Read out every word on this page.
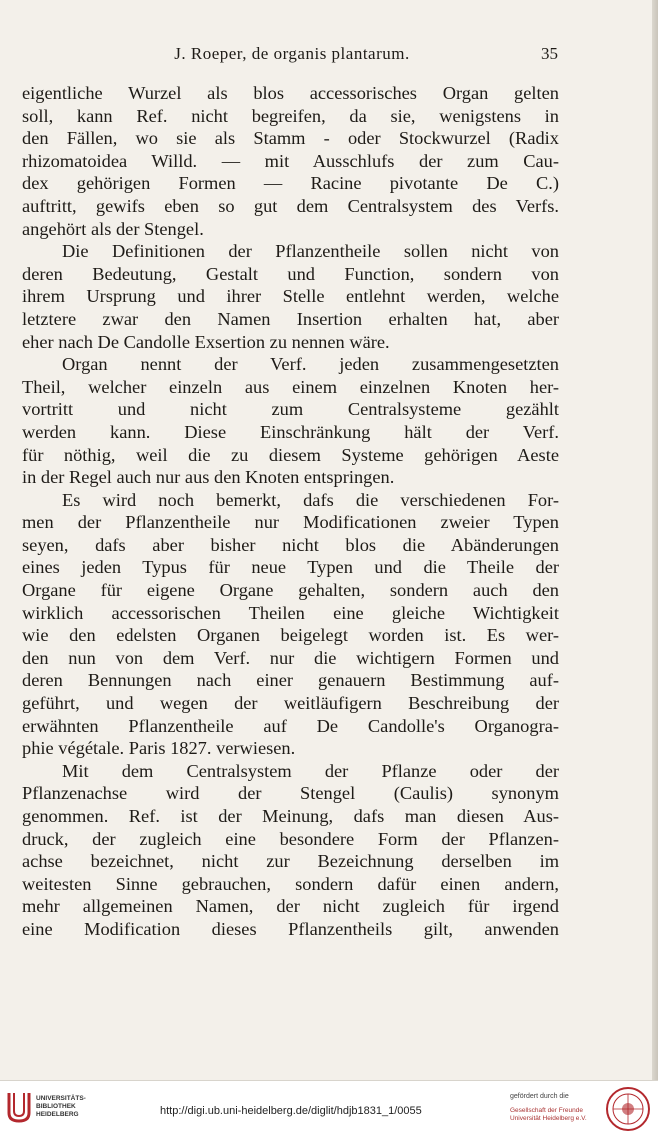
J. Roeper, de organis plantarum.	35
eigentliche Wurzel als blos accessorisches Organ gelten
soll, kann Ref. nicht begreifen, da sie, wenigstens in
den Fällen, wo sie als Stamm - oder Stockwurzel (Radix
rhizomatoidea Willd. — mit Ausschlufs der zum Cau-
dex gehörigen Formen — Racine pivotante De C.)
auftritt, gewifs eben so gut dem Centralsystem des Verfs.
angehört als der Stengel.
Die Definitionen der Pflanzentheile sollen nicht von
deren Bedeutung, Gestalt und Function, sondern von
ihrem Ursprung und ihrer Stelle entlehnt werden, welche
letztere zwar den Namen Insertion erhalten hat, aber
eher nach De Candolle Exsertion zu nennen wäre.
Organ nennt der Verf. jeden zusammengesetzten
Theil, welcher einzeln aus einem einzelnen Knoten her-
vortritt und nicht zum Centralsysteme gezählt
werden kann. Diese Einschränkung hält der Verf.
für nöthig, weil die zu diesem Systeme gehörigen Aeste
in der Regel auch nur aus den Knoten entspringen.
Es wird noch bemerkt, dafs die verschiedenen For-
men der Pflanzentheile nur Modificationen zweier Typen
seyen, dafs aber bisher nicht blos die Abänderungen
eines jeden Typus für neue Typen und die Theile der
Organe für eigene Organe gehalten, sondern auch den
wirklich accessorischen Theilen eine gleiche Wichtigkeit
wie den edelsten Organen beigelegt worden ist. Es wer-
den nun von dem Verf. nur die wichtigern Formen und
deren Bennungen nach einer genauern Bestimmung auf-
geführt, und wegen der weitläufigern Beschreibung der
erwähnten Pflanzentheile auf De Candolle's Organogra-
phie végétale. Paris 1827. verwiesen.
Mit dem Centralsystem der Pflanze oder der
Pflanzenachse wird der Stengel (Caulis) synonym
genommen. Ref. ist der Meinung, dafs man diesen Aus-
druck, der zugleich eine besondere Form der Pflanzen-
achse bezeichnet, nicht zur Bezeichnung derselben im
weitesten Sinne gebrauchen, sondern dafür einen andern,
mehr allgemeinen Namen, der nicht zugleich für irgend
eine Modification dieses Pflanzentheils gilt, anwenden
UNIVERSITÄTS-
BIBLIOTHEK
HEIDELBERG	http://digi.ub.uni-heidelberg.de/diglit/hdjb1831_1/0055
gefördert durch die
Gesellschaft der Freunde
Universität Heidelberg e.V.
